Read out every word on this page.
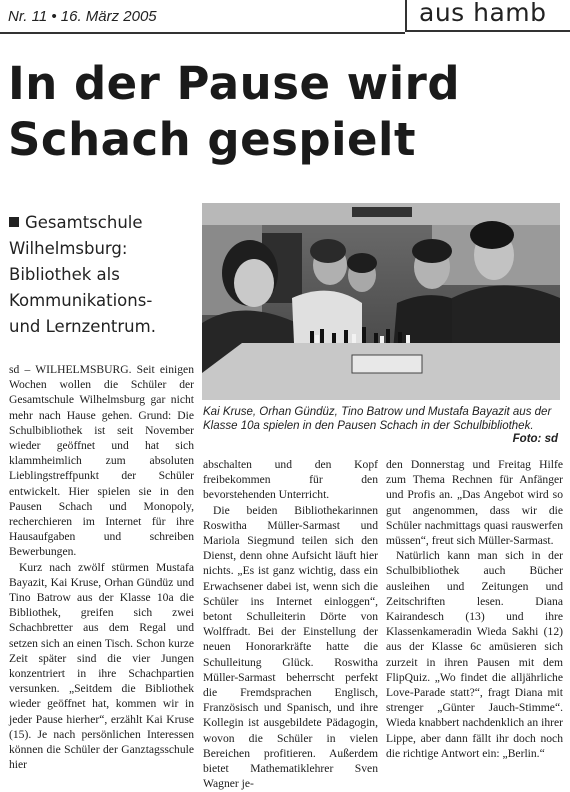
Nr. 11 • 16. März 2005	aus hamb
In der Pause wird
Schach gespielt
Gesamtschule
Wilhelmsburg:
Bibliothek als
Kommunikations-
und Lernzentrum.
Kai Kruse, Orhan Gündüz, Tino Batrow und Mustafa Bayazit aus der Klasse 10a spielen in den Pausen Schach in der Schulbibliothek.
Foto: sd

sd – WILHELMSBURG. Seit einigen Wochen wollen die Schüler der Gesamtschule Wilhelmsburg gar nicht mehr nach Hause gehen. Grund: Die Schulbibliothek ist seit November wieder geöffnet und hat sich klammheimlich zum absoluten Lieblingstreffpunkt der Schüler entwickelt. Hier spielen sie in den Pausen Schach und Monopoly, recherchieren im Internet für ihre Hausaufgaben und schreiben Bewerbungen.

Kurz nach zwölf stürmen Mustafa Bayazit, Kai Kruse, Orhan Gündüz und Tino Batrow aus der Klasse 10a die Bibliothek, greifen sich zwei Schachbretter aus dem Regal und setzen sich an einen Tisch. Schon kurze Zeit später sind die vier Jungen konzentriert in ihre Schachpartien versunken. „Seitdem die Bibliothek wieder geöffnet hat, kommen wir in jeder Pause hierher“, erzählt Kai Kruse (15). Je nach persönlichen Interessen können die Schüler der Ganztagsschule hier

abschalten und den Kopf freibekommen für den bevorstehenden Unterricht.

Die beiden Bibliothekarinnen Roswitha Müller-Sarmast und Mariola Siegmund teilen sich den Dienst, denn ohne Aufsicht läuft hier nichts. „Es ist ganz wichtig, dass ein Erwachsener dabei ist, wenn sich die Schüler ins Internet einloggen“, betont Schulleiterin Dörte von Wolffradt. Bei der Einstellung der neuen Honorarkräfte hatte die Schulleitung Glück. Roswitha Müller-Sarmast beherrscht perfekt die Fremdsprachen Englisch, Französisch und Spanisch, und ihre Kollegin ist ausgebildete Pädagogin, wovon die Schüler in vielen Bereichen profitieren. Außerdem bietet Mathematiklehrer Sven Wagner je-

den Donnerstag und Freitag Hilfe zum Thema Rechnen für Anfänger und Profis an. „Das Angebot wird so gut angenommen, dass wir die Schüler nachmittags quasi rauswerfen müssen“, freut sich Müller-Sarmast.

Natürlich kann man sich in der Schulbibliothek auch Bücher ausleihen und Zeitungen und Zeitschriften lesen. Diana Kairandesch (13) und ihre Klassenkameradin Wieda Sakhi (12) aus der Klasse 6c amüsieren sich zurzeit in ihren Pausen mit dem FlipQuiz. „Wo findet die alljährliche Love-Parade statt?“, fragt Diana mit strenger „Günter Jauch-Stimme“. Wieda knabbert nachdenklich an ihrer Lippe, aber dann fällt ihr doch noch die richtige Antwort ein: „Berlin.“
